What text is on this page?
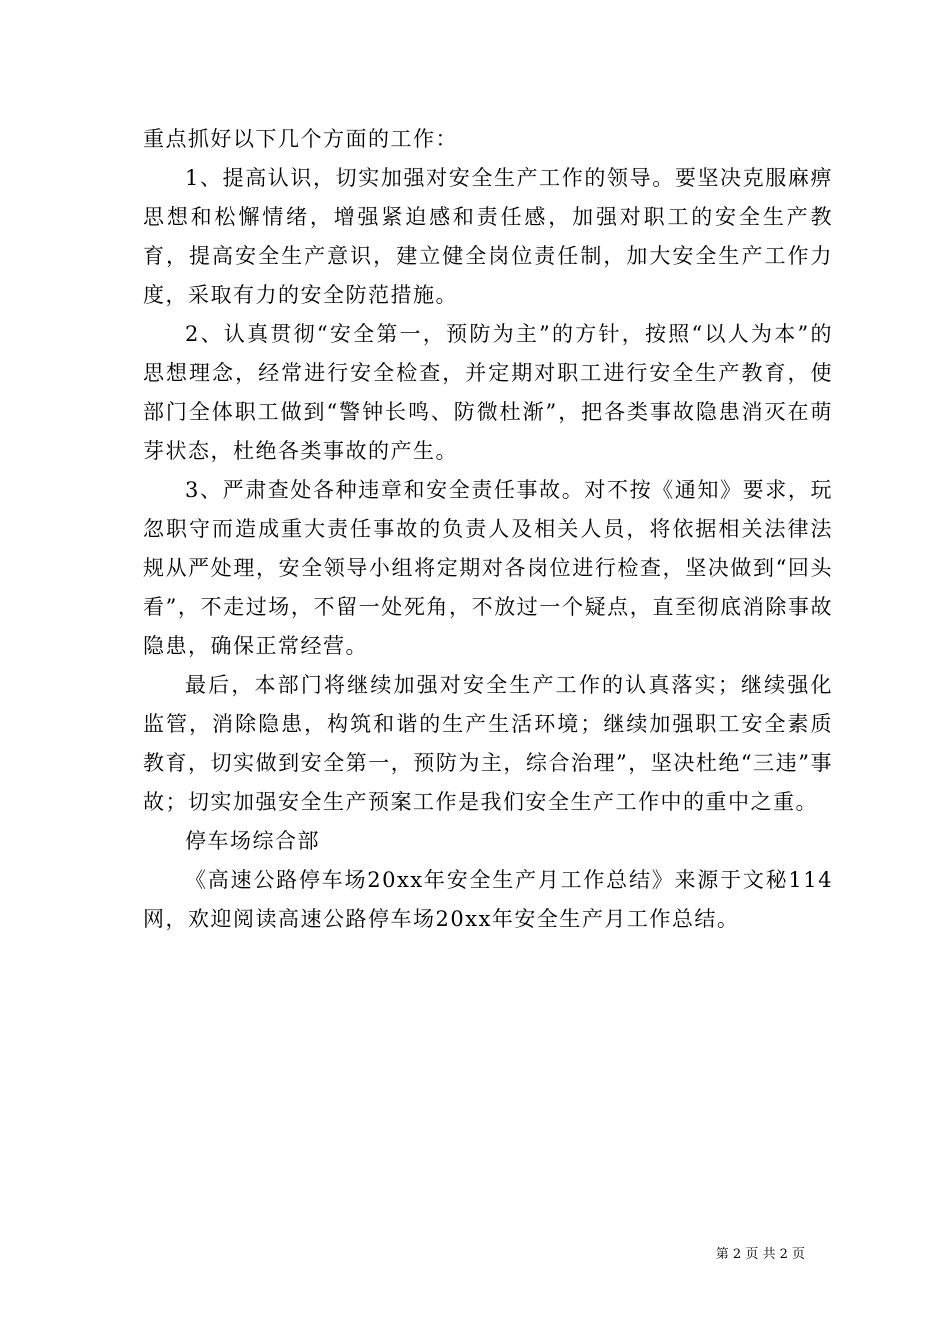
重点抓好以下几个方面的工作：

1、提高认识，切实加强对安全生产工作的领导。要坚决克服麻痹思想和松懈情绪，增强紧迫感和责任感，加强对职工的安全生产教育，提高安全生产意识，建立健全岗位责任制，加大安全生产工作力度，采取有力的安全防范措施。

2、认真贯彻“安全第一，预防为主”的方针，按照“以人为本”的思想理念，经常进行安全检查，并定期对职工进行安全生产教育，使部门全体职工做到“警钟长鸣、防微杜渐”，把各类事故隐患消灭在萌芽状态，杜绝各类事故的产生。

3、严肃查处各种违章和安全责任事故。对不按《通知》要求，玩忽职守而造成重大责任事故的负责人及相关人员，将依据相关法律法规从严处理，安全领导小组将定期对各岗位进行检查，坚决做到“回头看”，不走过场，不留一处死角，不放过一个疑点，直至彻底消除事故隐患，确保正常经营。

最后，本部门将继续加强对安全生产工作的认真落实；继续强化监管，消除隐患，构筑和谐的生产生活环境；继续加强职工安全素质教育，切实做到安全第一，预防为主，综合治理”，坚决杜绝“三违”事故；切实加强安全生产预案工作是我们安全生产工作中的重中之重。

停车场综合部

《高速公路停车场20xx年安全生产月工作总结》来源于文秘114网，欢迎阅读高速公路停车场20xx年安全生产月工作总结。

第 2 页 共 2 页
